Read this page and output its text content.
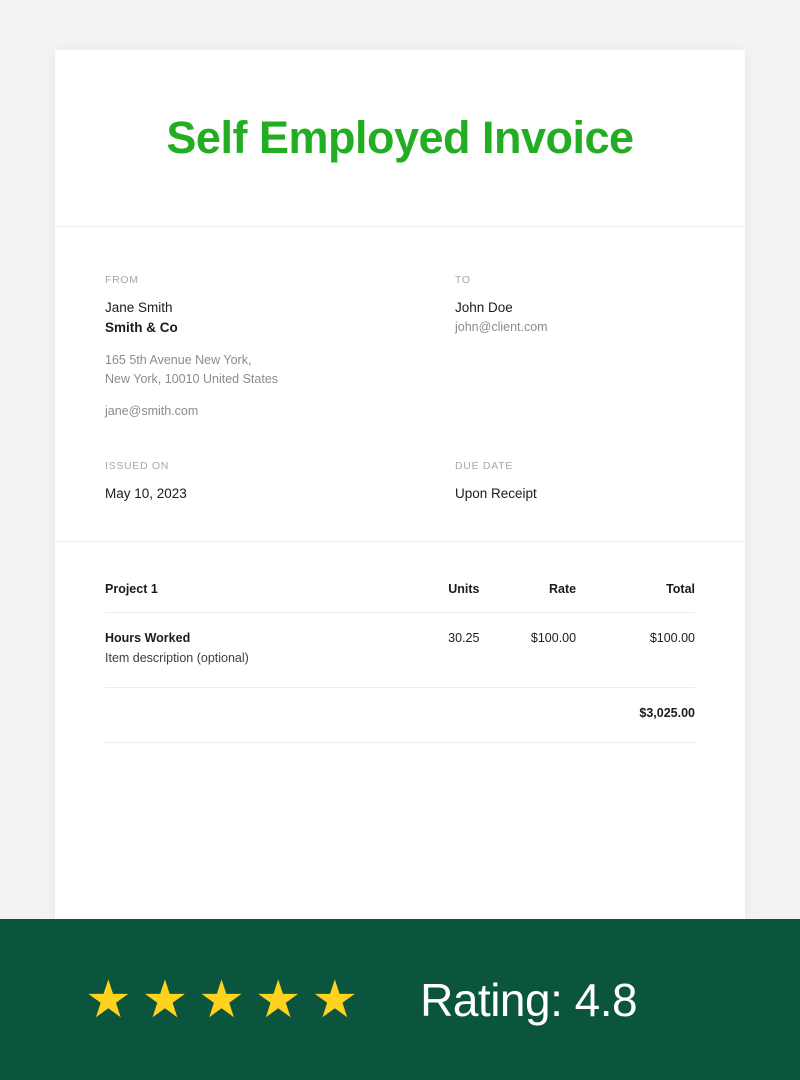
Self Employed Invoice
FROM
Jane Smith
Smith & Co
165 5th Avenue New York,
New York, 10010 United States
jane@smith.com
TO
John Doe
john@client.com
ISSUED ON
May 10, 2023
DUE DATE
Upon Receipt
Project 1	Units	Rate	Total

Hours Worked
Item description (optional)	30.25	$100.00	$100.00
			$3,025.00
★ ★ ★ ★ ★ Rating: 4.8
